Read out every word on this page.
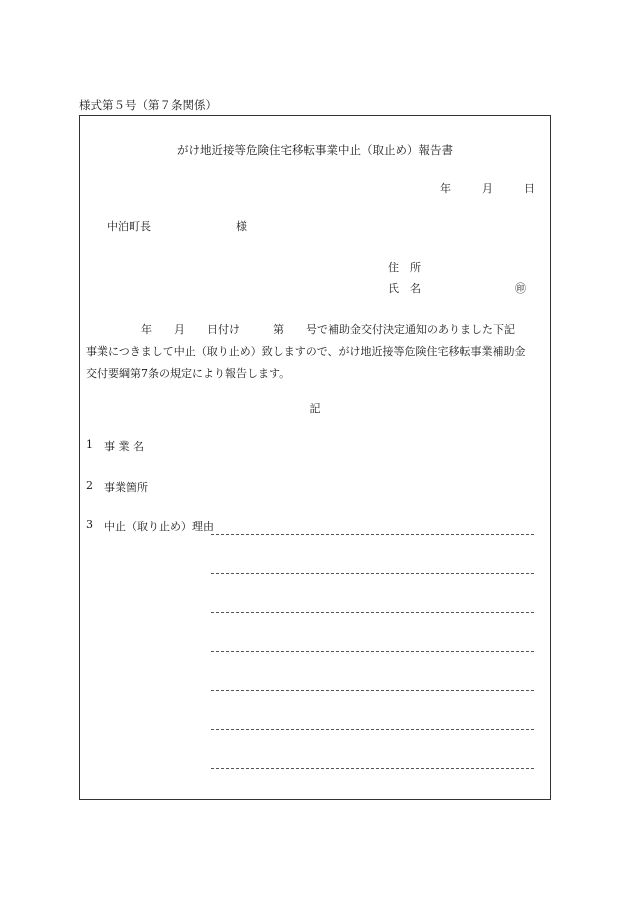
様式第５号（第７条関係）
がけ地近接等危険住宅移転事業中止（取止め）報告書
年	月	日
中泊町長	様
住　所
氏　名	㊞
　　　　　年　　月　　日付け　　　第　　号で補助金交付決定通知のありました下記
事業につきまして中止（取り止め）致しますので、がけ地近接等危険住宅移転事業補助金
交付要綱第7条の規定により報告します。
記
1 事 業 名
2 事業箇所
3 中止（取り止め）理由
